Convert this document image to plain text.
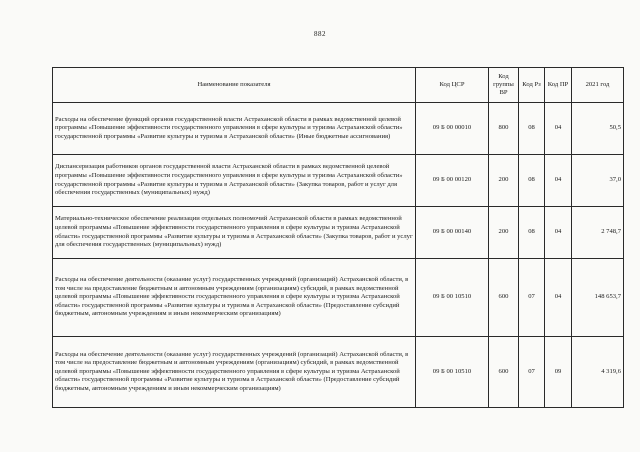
882
Наименование показателя	Код ЦСР	Код группы ВР	Код Рз	Код ПР	2021 год
Расходы на обеспечение функций органов государственной власти Астраханской области в рамках ведомственной целевой программы «Повышение эффективности государственного управления в сфере культуры и туризма Астраханской области» государственной программы «Развитие культуры и туризма в Астраханской области» (Иные бюджетные ассигнования)	09 Б 00 00010	800	08	04	50,5
Диспансеризация работников органов государственной власти Астраханской области в рамках ведомственной целевой программы «Повышение эффективности государственного управления в сфере культуры и туризма Астраханской области» государственной программы «Развитие культуры и туризма в Астраханской области» (Закупка товаров, работ и услуг для обеспечения государственных (муниципальных) нужд)	09 Б 00 00120	200	08	04	37,0
Материально-техническое обеспечение реализации отдельных полномочий Астраханской области в рамках ведомственной целевой программы «Повышение эффективности государственного управления в сфере культуры и туризма Астраханской области» государственной программы «Развитие культуры и туризма в Астраханской области» (Закупка товаров, работ и услуг для обеспечения государственных (муниципальных) нужд)	09 Б 00 00140	200	08	04	2 748,7
Расходы на обеспечение деятельности (оказание услуг) государственных учреждений (организаций) Астраханской области, в том числе на предоставление бюджетным и автономным учреждениям (организациям) субсидий, в рамках ведомственной целевой программы «Повышение эффективности государственного управления в сфере культуры и туризма Астраханской области» государственной программы «Развитие культуры и туризма в Астраханской области» (Предоставление субсидий бюджетным, автономным учреждениям и иным некоммерческим организациям)	09 Б 00 10510	600	07	04	148 653,7
Расходы на обеспечение деятельности (оказание услуг) государственных учреждений (организаций) Астраханской области, в том числе на предоставление бюджетным и автономным учреждениям (организациям) субсидий, в рамках ведомственной целевой программы «Повышение эффективности государственного управления в сфере культуры и туризма Астраханской области» государственной программы «Развитие культуры и туризма в Астраханской области» (Предоставление субсидий бюджетным, автономным учреждениям и иным некоммерческим организациям)	09 Б 00 10510	600	07	09	4 319,6
